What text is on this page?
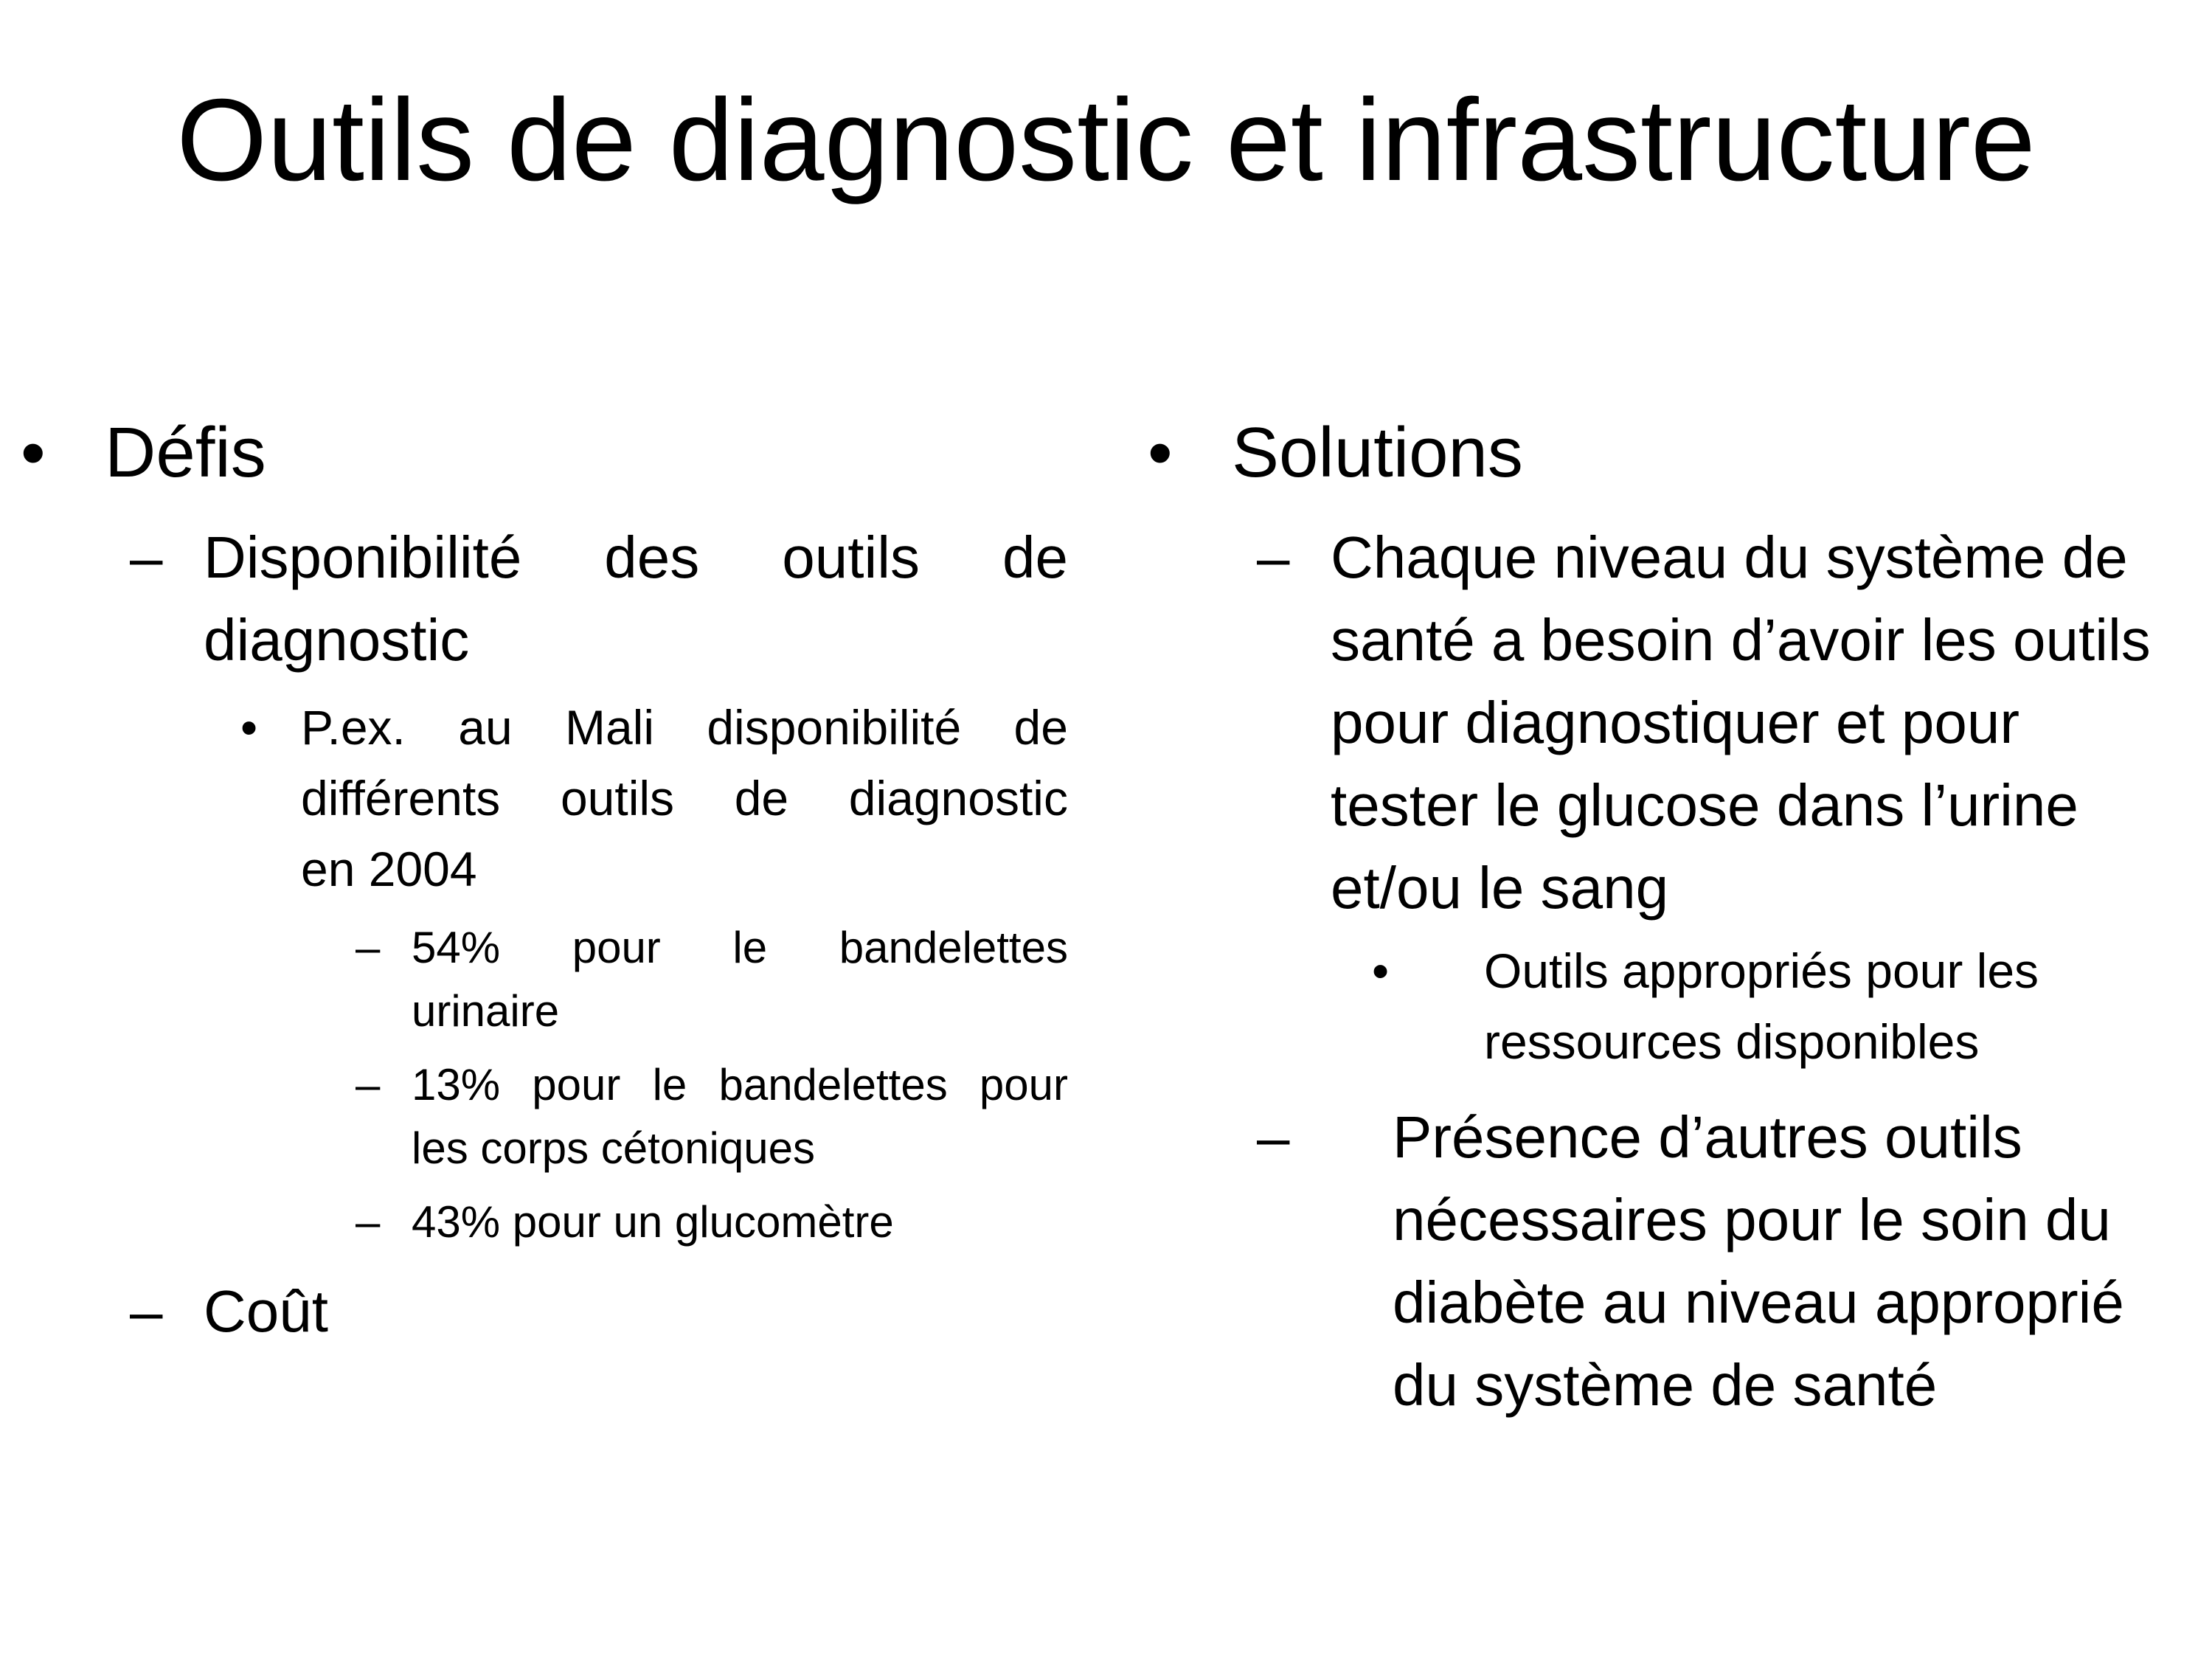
Outils de diagnostic et infrastructure
• Défis
– Disponibilité des outils de
diagnostic
• P.ex. au Mali disponibilité de
différents outils de diagnostic
en 2004
– 54% pour le bandelettes
urinaire
– 13% pour le bandelettes pour
les corps cétoniques
– 43% pour un glucomètre
– Coût
• Solutions
– Chaque niveau du système de
santé a besoin d’avoir les outils
pour diagnostiquer et pour
tester le glucose dans l’urine
et/ou le sang
• Outils appropriés pour les
ressources disponibles
– Présence d’autres outils
nécessaires pour le soin du
diabète au niveau approprié
du système de santé
